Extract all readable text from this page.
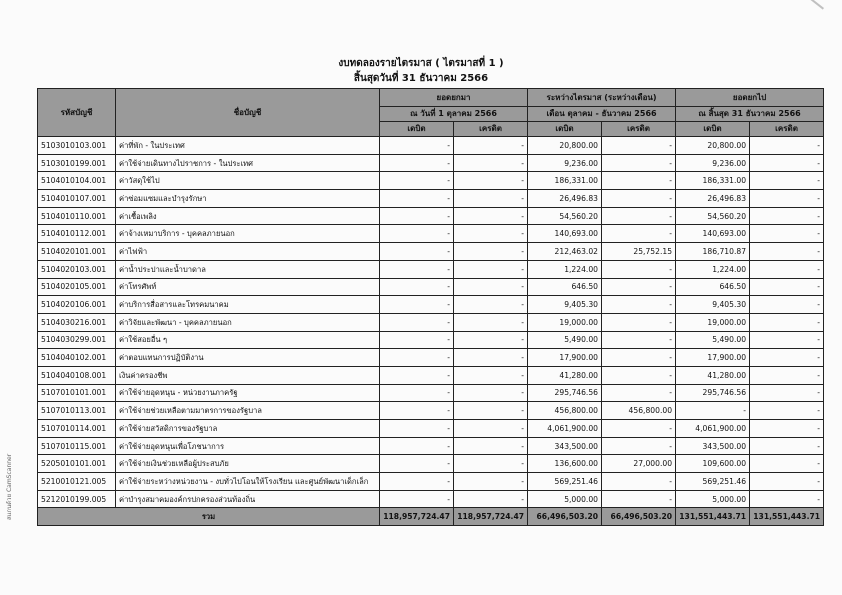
งบทดลองรายไตรมาส ( ไตรมาสที่ 1 )
สิ้นสุดวันที่ 31 ธันวาคม 2566
สแกนด้วย CamScanner
รหัสบัญชี	ชื่อบัญชี	ยอดยกมา		ระหว่างไตรมาส (ระหว่างเดือน)		ยอดยกไป	
		ณ วันที่ 1 ตุลาคม 2566		เดือน ตุลาคม - ธันวาคม 2566		ณ สิ้นสุด 31 ธันวาคม 2566	
		เดบิต	เครดิต	เดบิต	เครดิต	เดบิต	เครดิต
5103010103.001	ค่าที่พัก - ในประเทศ	-	-	20,800.00	-	20,800.00	-
5103010199.001	ค่าใช้จ่ายเดินทางไปราชการ - ในประเทศ	-	-	9,236.00	-	9,236.00	-
5104010104.001	ค่าวัสดุใช้ไป	-	-	186,331.00	-	186,331.00	-
5104010107.001	ค่าซ่อมแซมและบำรุงรักษา	-	-	26,496.83	-	26,496.83	-
5104010110.001	ค่าเชื้อเพลิง	-	-	54,560.20	-	54,560.20	-
5104010112.001	ค่าจ้างเหมาบริการ - บุคคลภายนอก	-	-	140,693.00	-	140,693.00	-
5104020101.001	ค่าไฟฟ้า	-	-	212,463.02	25,752.15	186,710.87	-
5104020103.001	ค่าน้ำประปาและน้ำบาดาล	-	-	1,224.00	-	1,224.00	-
5104020105.001	ค่าโทรศัพท์	-	-	646.50	-	646.50	-
5104020106.001	ค่าบริการสื่อสารและโทรคมนาคม	-	-	9,405.30	-	9,405.30	-
5104030216.001	ค่าวิจัยและพัฒนา - บุคคลภายนอก	-	-	19,000.00	-	19,000.00	-
5104030299.001	ค่าใช้สอยอื่น ๆ	-	-	5,490.00	-	5,490.00	-
5104040102.001	ค่าตอบแทนการปฏิบัติงาน	-	-	17,900.00	-	17,900.00	-
5104040108.001	เงินค่าครองชีพ	-	-	41,280.00	-	41,280.00	-
5107010101.001	ค่าใช้จ่ายอุดหนุน - หน่วยงานภาครัฐ	-	-	295,746.56	-	295,746.56	-
5107010113.001	ค่าใช้จ่ายช่วยเหลือตามมาตรการของรัฐบาล	-	-	456,800.00	456,800.00	-	-
5107010114.001	ค่าใช้จ่ายสวัสดิการของรัฐบาล	-	-	4,061,900.00	-	4,061,900.00	-
5107010115.001	ค่าใช้จ่ายอุดหนุนเพื่อโภชนาการ	-	-	343,500.00	-	343,500.00	-
5205010101.001	ค่าใช้จ่ายเงินช่วยเหลือผู้ประสบภัย	-	-	136,600.00	27,000.00	109,600.00	-
5210010121.005	ค่าใช้จ่ายระหว่างหน่วยงาน - งบทั่วไปโอนให้โรงเรียน และศูนย์พัฒนาเด็กเล็ก	-	-	569,251.46	-	569,251.46	-
5212010199.005	ค่าบำรุงสมาคมองค์กรปกครองส่วนท้องถิ่น	-	-	5,000.00	-	5,000.00	-
รวม		118,957,724.47	118,957,724.47	66,496,503.20	66,496,503.20	131,551,443.71	131,551,443.71
